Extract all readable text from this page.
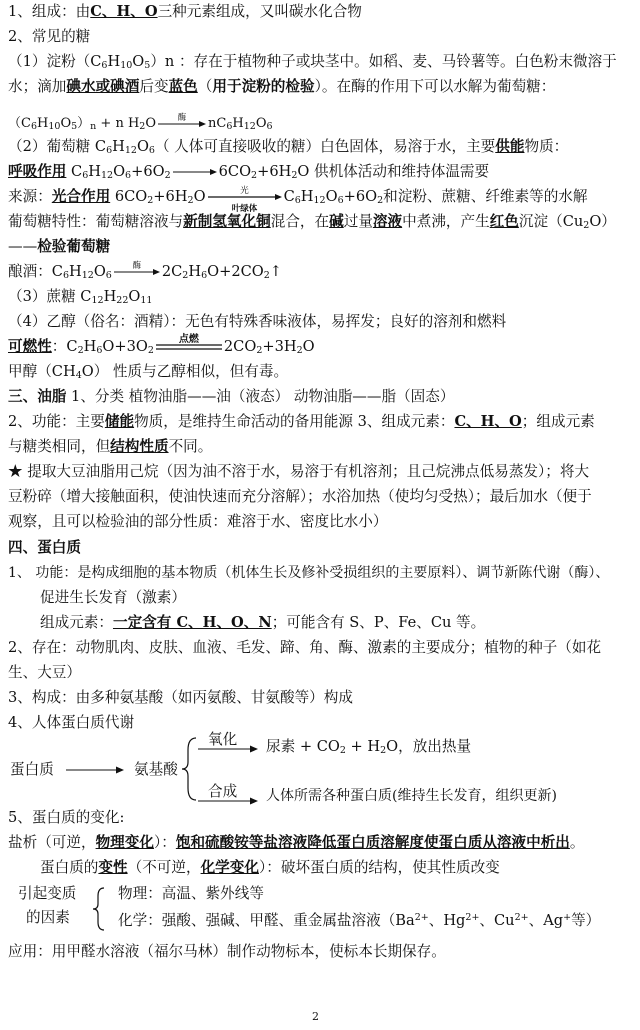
1、组成：由C、H、O三种元素组成，又叫碳水化合物
2、常见的糖
（1）淀粉$(C_6H_{10}O_5)n$ ：存在于植物种子或块茎中。如稻、麦、马铃薯等。白色粉末微溶于
水；滴加碘水或碘酒后变蓝色（用于淀粉的检验）。在酶的作用下可以水解为葡萄糖：
$(C_6H_{10}O_5)_n + n$ $H_2O$	酶	$nC_6H_{12}O_6$
（2）葡萄糖 $C_6H_{12}O_6$（ 人体可直接吸收的糖）白色固体，易溶于水，主要供能物质：
呼吸作用 $C_6H_{12}O_6+6O_2$	$6CO_2+6H_2O$ 供机体活动和维持体温需要
来源：光合作用 $6CO_2+6H_2O$	光
叶绿体
$C_6H_{12}O_6+6O_2$和淀粉、蔗糖、纤维素等的水解
葡萄糖特性：葡萄糖溶液与新制氢氧化铜混合，在碱过量溶液中煮沸，产生红色沉淀$(Cu_2O)$
——检验葡萄糖
酿酒：$C_6H_{12}O_6$
酶	$2C_2H_6O+2CO_2↑$
（3）蔗糖 $C_{12}H_{22}O_{11}$
（4）乙醇（俗名：酒精）：无色有特殊香味液体，易挥发；良好的溶剂和燃料
可燃性：$C_2H_6O+3O_2$
点燃	$2CO_2+3H_2O$
甲醇$(CH_4O)$ 性质与乙醇相似，但有毒。
三、油脂 1、分类 植物油脂——油（液态） 动物油脂——脂（固态）
2、功能：主要储能物质，是维持生命活动的备用能源 3、组成元素：C、H、O；组成元素
与糖类相同，但结构性质不同。
★ 提取大豆油脂用己烷（因为油不溶于水，易溶于有机溶剂；且己烷沸点低易蒸发）；将大
豆粉碎（增大接触面积，使油快速而充分溶解）；水浴加热（使均匀受热）；最后加水（便于
观察，且可以检验油的部分性质：难溶于水、密度比水小）
四、蛋白质
1、 功能：是构成细胞的基本物质（机体生长及修补受损组织的主要原料）、调节新陈代谢（酶）、
促进生长发育（激素）
组成元素：一定含有 C、H、O、N；可能含有 S、P、Fe、Cu 等。
2、存在：动物肌肉、皮肤、血液、毛发、蹄、角、酶、激素的主要成分；植物的种子（如花
生、大豆）
3、构成：由多种氨基酸（如丙氨酸、甘氨酸等）构成
4、人体蛋白质代谢
蛋白质	氨基酸
氧化 尿素 + $CO_2 + H_2O$，放出热量
合成 人体所需各种蛋白质(维持生长发育，组织更新)
5、蛋白质的变化:
盐析（可逆，物理变化）：饱和硫酸铵等盐溶液降低蛋白质溶解度使蛋白质从溶液中析出。
蛋白质的变性（不可逆，化学变化）：破坏蛋白质的结构，使其性质改变
引起变质
的因素
物理：高温、紫外线等
化学：强酸、强碱、甲醛、重金属盐溶液（$Ba^{2+}$、$Hg^{2+}$、$Cu^{2+}$、Ag+等）
应用：用甲醛水溶液（福尔马林）制作动物标本，使标本长期保存。
2
